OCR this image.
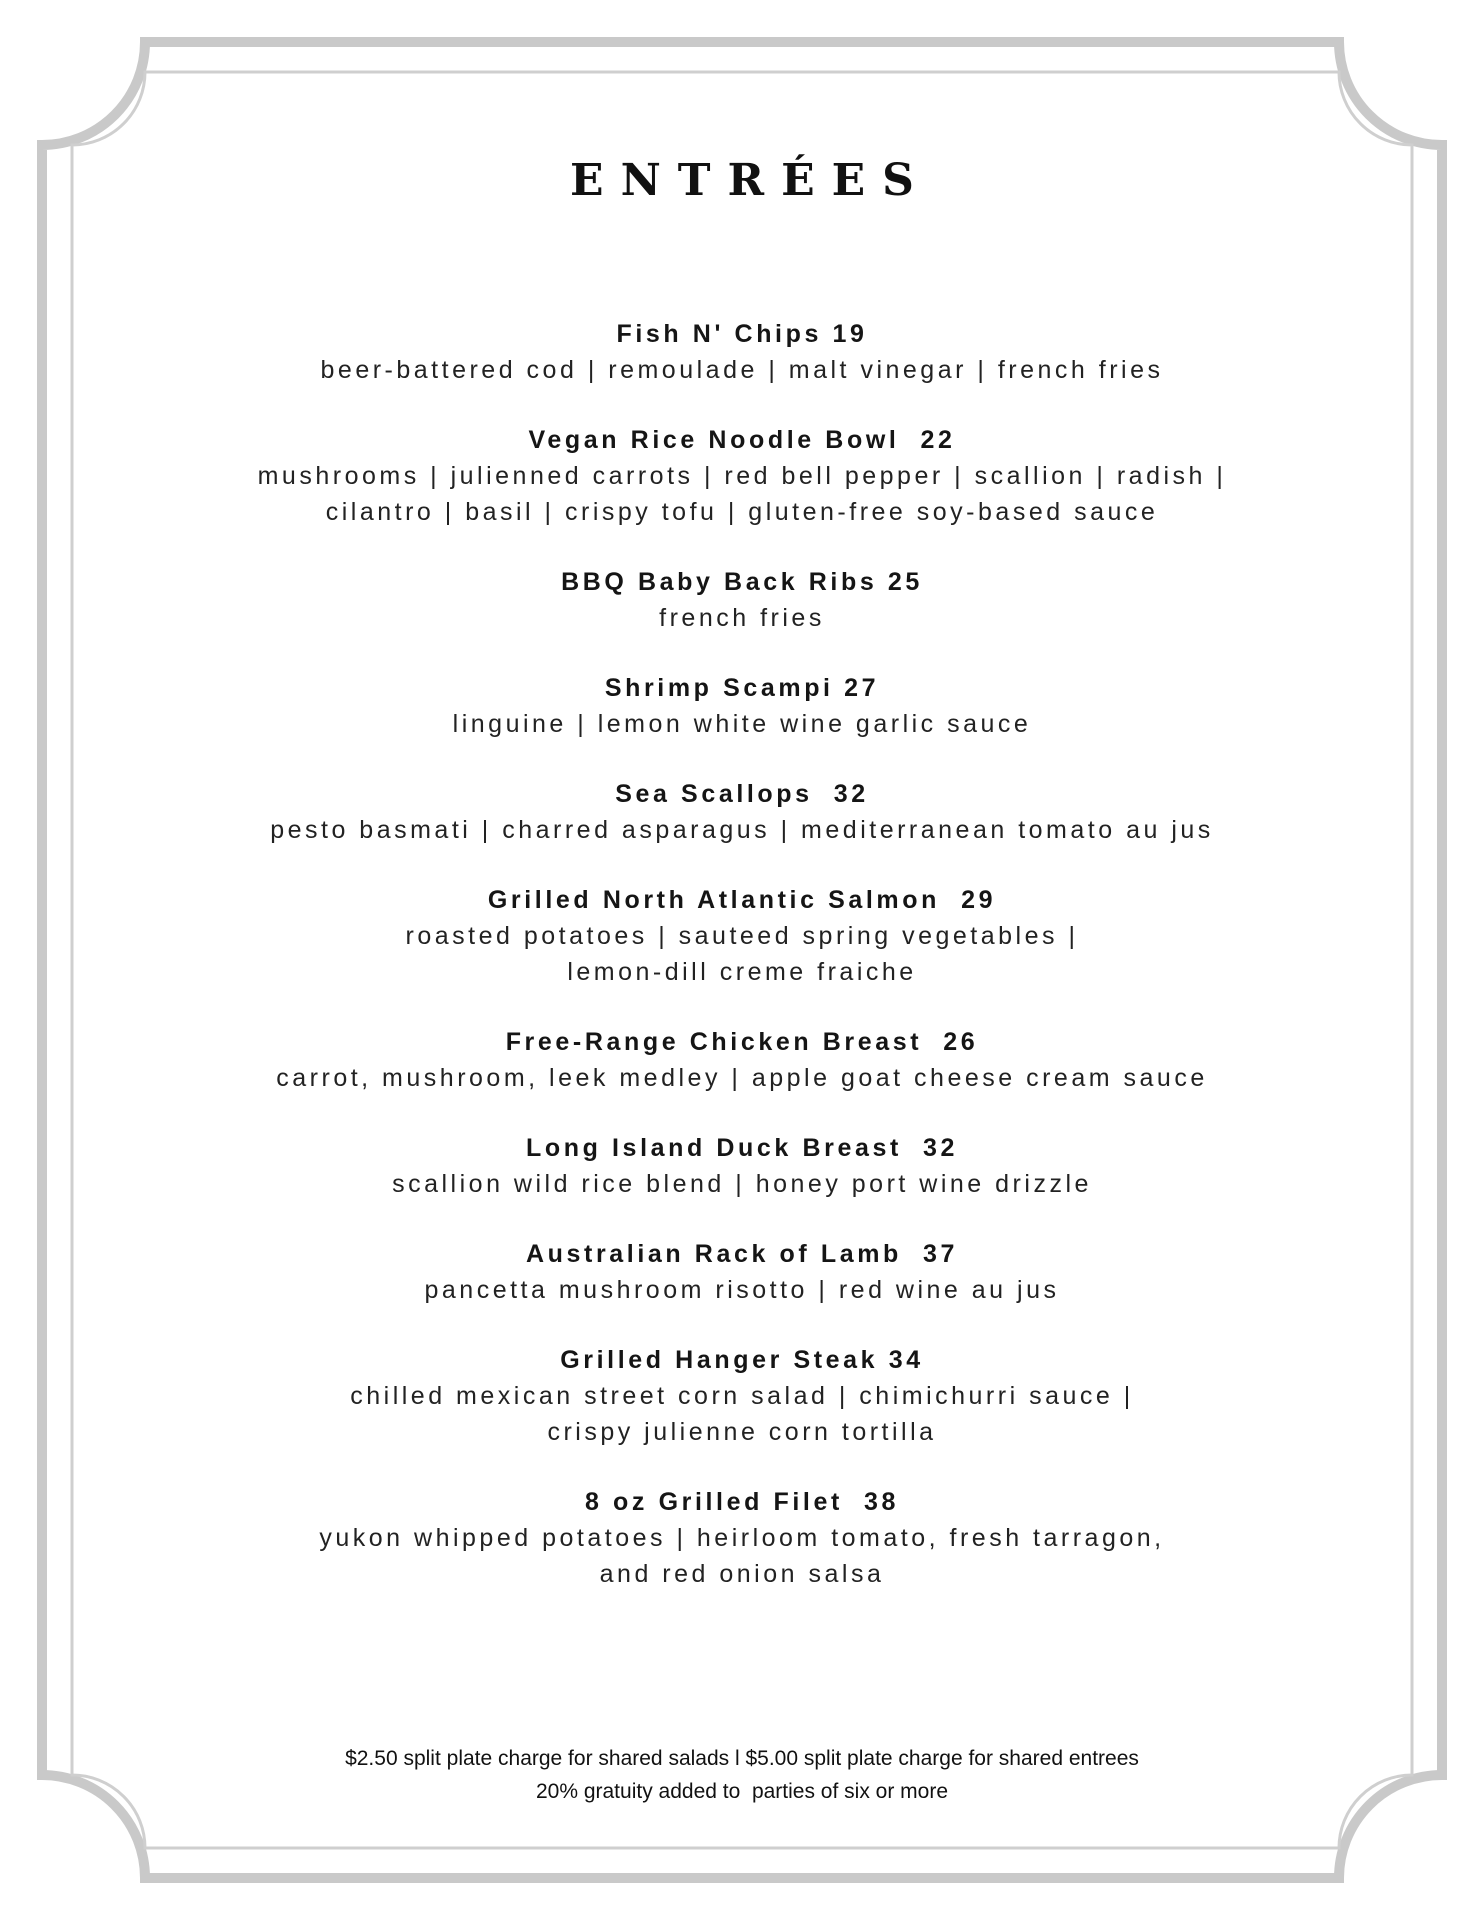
ENTRÉES
Fish N' Chips 19
beer-battered cod | remoulade | malt vinegar | french fries
Vegan Rice Noodle Bowl  22
mushrooms | julienned carrots | red bell pepper | scallion | radish |
cilantro | basil | crispy tofu | gluten-free soy-based sauce
BBQ Baby Back Ribs 25
french fries
Shrimp Scampi 27
linguine | lemon white wine garlic sauce
Sea Scallops  32
pesto basmati | charred asparagus | mediterranean tomato au jus
Grilled North Atlantic Salmon  29
roasted potatoes | sauteed spring vegetables |
lemon-dill creme fraiche
Free-Range Chicken Breast  26
carrot, mushroom, leek medley | apple goat cheese cream sauce
Long Island Duck Breast  32
scallion wild rice blend | honey port wine drizzle
Australian Rack of Lamb  37
pancetta mushroom risotto | red wine au jus
Grilled Hanger Steak 34
chilled mexican street corn salad | chimichurri sauce |
crispy julienne corn tortilla
8 oz Grilled Filet  38
yukon whipped potatoes | heirloom tomato, fresh tarragon,
and red onion salsa
$2.50 split plate charge for shared salads l $5.00 split plate charge for shared entrees
20% gratuity added to  parties of six or more
